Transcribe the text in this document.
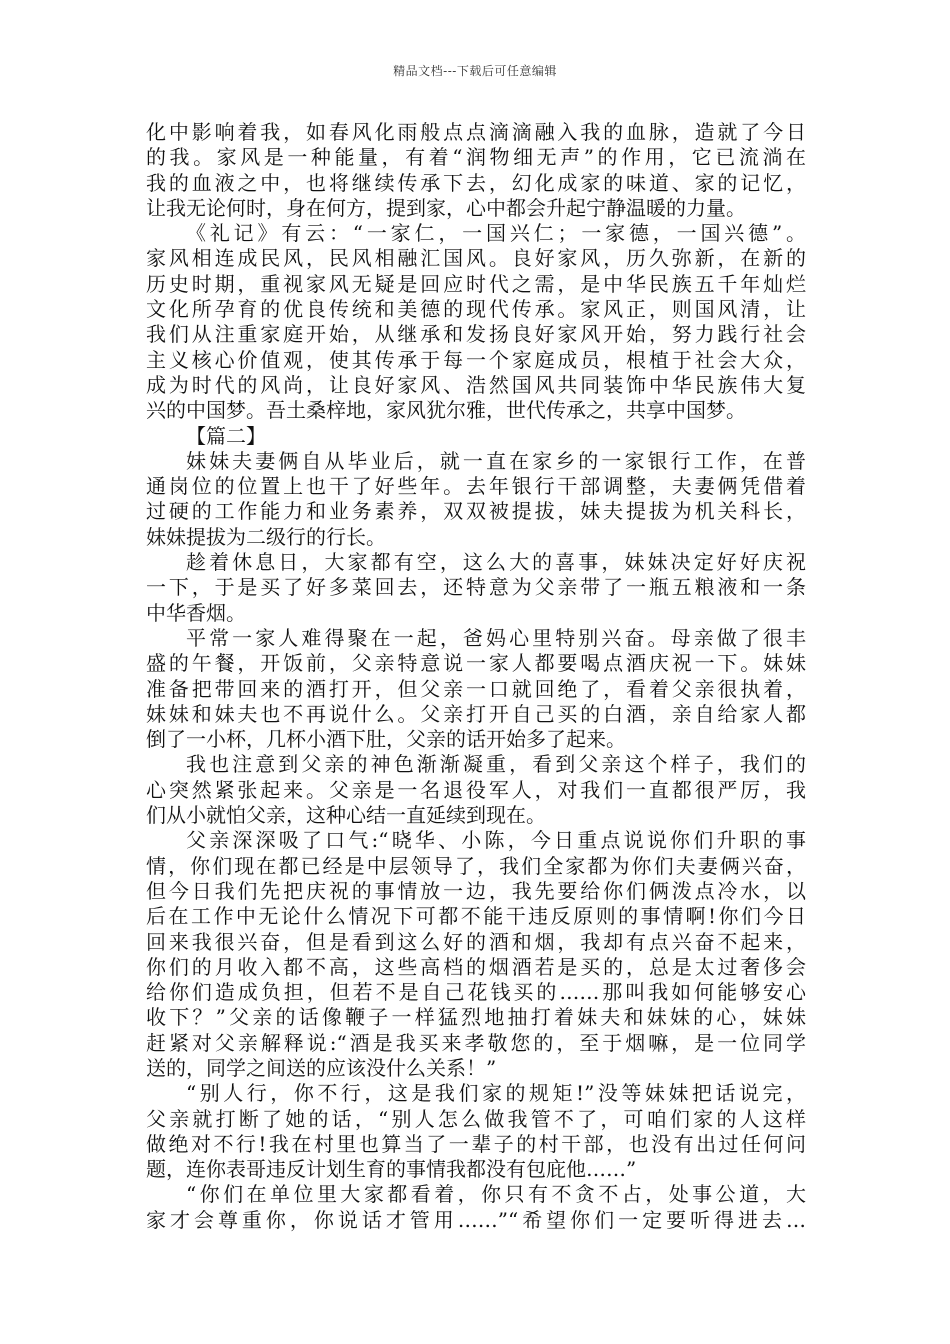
精品文档---下载后可任意编辑
化中影响着我，如春风化雨般点点滴滴融入我的血脉，造就了今日
的我。家风是一种能量，有着“润物细无声”的作用，它已流淌在
我的血液之中，也将继续传承下去，幻化成家的味道、家的记忆，
让我无论何时，身在何方，提到家，心中都会升起宁静温暖的力量。
《礼记》有云：“一家仁，一国兴仁；一家德，一国兴德”。
家风相连成民风，民风相融汇国风。良好家风，历久弥新，在新的
历史时期，重视家风无疑是回应时代之需，是中华民族五千年灿烂
文化所孕育的优良传统和美德的现代传承。家风正，则国风清，让
我们从注重家庭开始，从继承和发扬良好家风开始，努力践行社会
主义核心价值观，使其传承于每一个家庭成员，根植于社会大众，
成为时代的风尚，让良好家风、浩然国风共同装饰中华民族伟大复
兴的中国梦。吾土桑梓地，家风犹尔雅，世代传承之，共享中国梦。
【篇二】
妹妹夫妻俩自从毕业后，就一直在家乡的一家银行工作，在普
通岗位的位置上也干了好些年。去年银行干部调整，夫妻俩凭借着
过硬的工作能力和业务素养，双双被提拔，妹夫提拔为机关科长，
妹妹提拔为二级行的行长。
趁着休息日，大家都有空，这么大的喜事，妹妹决定好好庆祝
一下，于是买了好多菜回去，还特意为父亲带了一瓶五粮液和一条
中华香烟。
平常一家人难得聚在一起，爸妈心里特别兴奋。母亲做了很丰
盛的午餐，开饭前，父亲特意说一家人都要喝点酒庆祝一下。妹妹
准备把带回来的酒打开，但父亲一口就回绝了，看着父亲很执着，
妹妹和妹夫也不再说什么。父亲打开自己买的白酒，亲自给家人都
倒了一小杯，几杯小酒下肚，父亲的话开始多了起来。
我也注意到父亲的神色渐渐凝重，看到父亲这个样子，我们的
心突然紧张起来。父亲是一名退役军人，对我们一直都很严厉，我
们从小就怕父亲，这种心结一直延续到现在。
父亲深深吸了口气:“晓华、小陈，今日重点说说你们升职的事
情，你们现在都已经是中层领导了，我们全家都为你们夫妻俩兴奋，
但今日我们先把庆祝的事情放一边，我先要给你们俩泼点冷水，以
后在工作中无论什么情况下可都不能干违反原则的事情啊!你们今日
回来我很兴奋，但是看到这么好的酒和烟，我却有点兴奋不起来，
你们的月收入都不高，这些高档的烟酒若是买的，总是太过奢侈会
给你们造成负担，但若不是自己花钱买的……那叫我如何能够安心
收下？”父亲的话像鞭子一样猛烈地抽打着妹夫和妹妹的心，妹妹
赶紧对父亲解释说:“酒是我买来孝敬您的，至于烟嘛，是一位同学
送的，同学之间送的应该没什么关系！”
“别人行，你不行，这是我们家的规矩!”没等妹妹把话说完，
父亲就打断了她的话，“别人怎么做我管不了，可咱们家的人这样
做绝对不行!我在村里也算当了一辈子的村干部，也没有出过任何问
题，连你表哥违反计划生育的事情我都没有包庇他……”
“你们在单位里大家都看着，你只有不贪不占，处事公道，大
家才会尊重你，你说话才管用……”“希望你们一定要听得进去…
